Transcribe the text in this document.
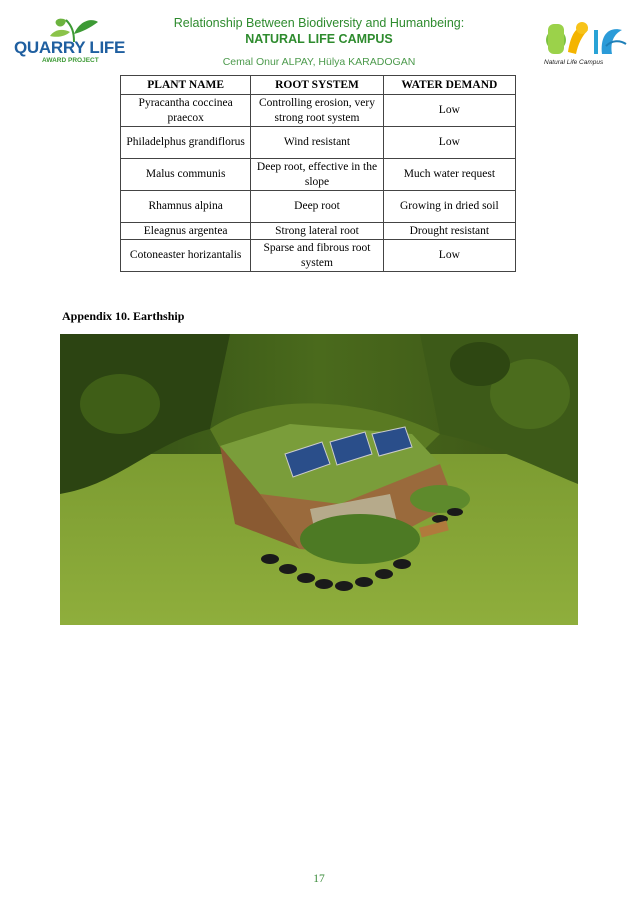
QUARRY LIFE
AWARD PROJECT
Relationship Between Biodiversity and Humanbeing:
NATURAL LIFE CAMPUS
Cemal Onur ALPAY, Hülya KARADOGAN	Natural Life Campus
PLANT NAME	ROOT SYSTEM	WATER DEMAND
Pyracantha coccinea praecox	Controlling erosion, very strong root system	Low
Philadelphus grandiflorus	Wind resistant	Low
Malus communis	Deep root, effective in the slope	Much water request
Rhamnus alpina	Deep root	Growing in dried soil
Eleagnus argentea	Strong lateral root	Drought resistant
Cotoneaster horizantalis	Sparse and fibrous root system	Low
Appendix 10. Earthship
17
